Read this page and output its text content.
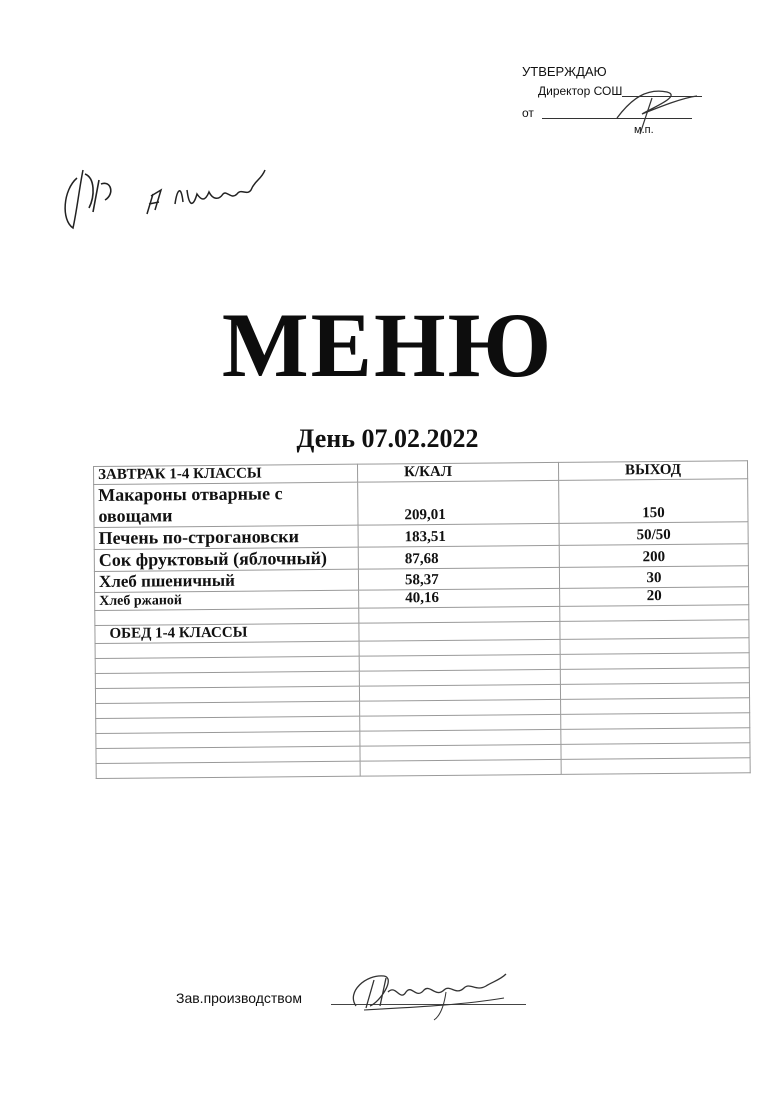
УТВЕРЖДАЮ
Директор СОШ
от
м.п.
МЕНЮ
День 07.02.2022
ЗАВТРАК 1-4 КЛАССЫ	К/КАЛ	ВЫХОД
Макароны отварные с овощами	209,01	150
Печень по-строгановски	183,51	50/50
Сок фруктовый (яблочный)	87,68	200
Хлеб пшеничный	58,37	30
Хлеб ржаной	40,16	20

ОБЕД 1-4 КЛАССЫ		

Зав.производством
